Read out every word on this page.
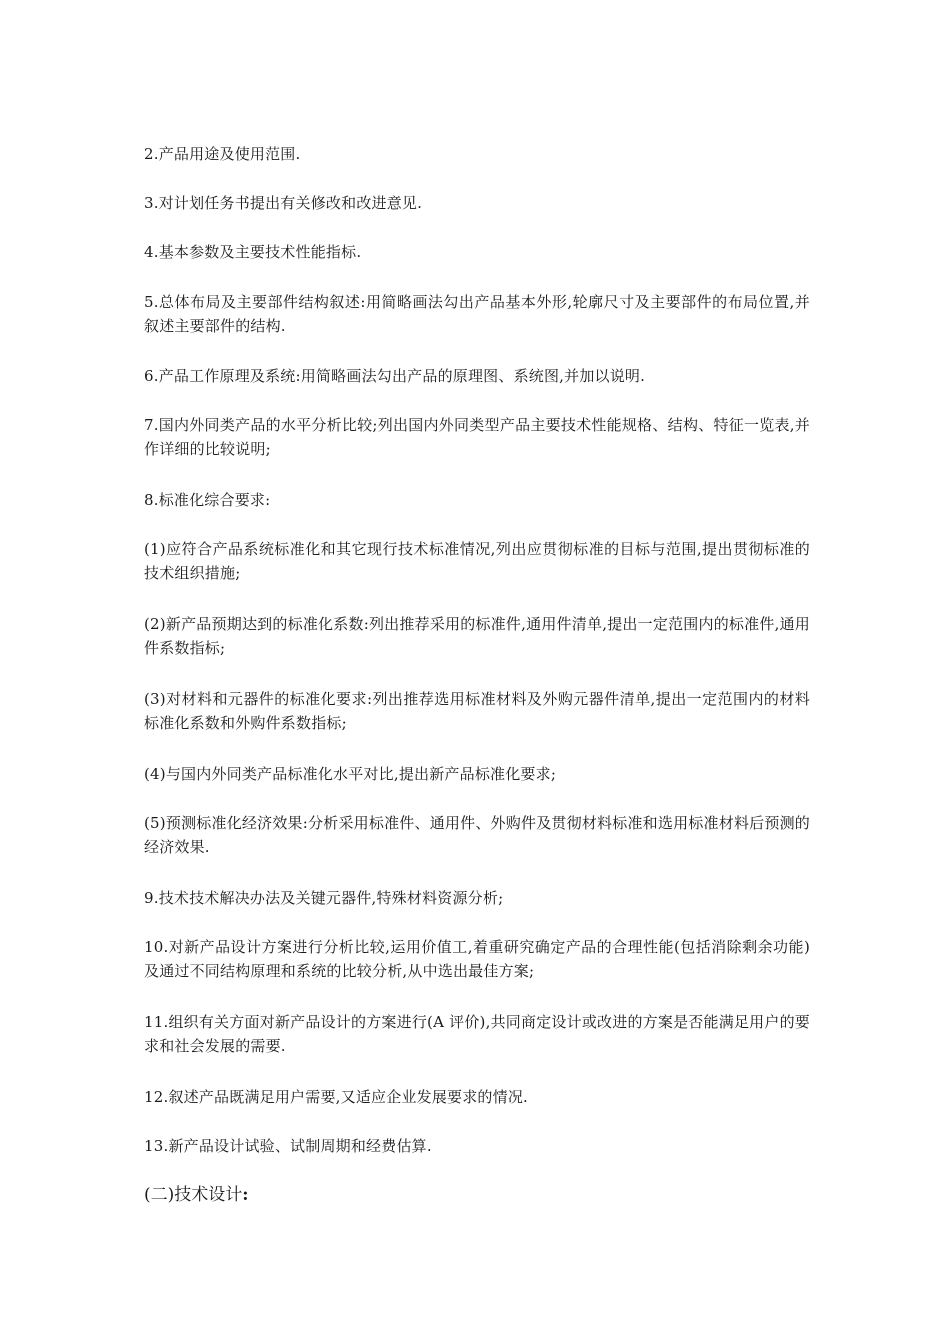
2.产品用途及使用范围.

3.对计划任务书提出有关修改和改进意见.

4.基本参数及主要技术性能指标.

5.总体布局及主要部件结构叙述:用简略画法勾出产品基本外形,轮廓尺寸及主要部件的布局位置,并叙述主要部件的结构.

6.产品工作原理及系统:用简略画法勾出产品的原理图、系统图,并加以说明.

7.国内外同类产品的水平分析比较;列出国内外同类型产品主要技术性能规格、结构、特征一览表,并作详细的比较说明;

8.标准化综合要求:

(1)应符合产品系统标准化和其它现行技术标准情况,列出应贯彻标准的目标与范围,提出贯彻标准的技术组织措施;

(2)新产品预期达到的标准化系数:列出推荐采用的标准件,通用件清单,提出一定范围内的标准件,通用件系数指标;

(3)对材料和元器件的标准化要求:列出推荐选用标准材料及外购元器件清单,提出一定范围内的材料标准化系数和外购件系数指标;

(4)与国内外同类产品标准化水平对比,提出新产品标准化要求;

(5)预测标准化经济效果:分析采用标准件、通用件、外购件及贯彻材料标准和选用标准材料后预测的经济效果.

9.技术技术解决办法及关键元器件,特殊材料资源分析;

10.对新产品设计方案进行分析比较,运用价值工,着重研究确定产品的合理性能(包括消除剩余功能)及通过不同结构原理和系统的比较分析,从中选出最佳方案;

11.组织有关方面对新产品设计的方案进行(A 评价),共同商定设计或改进的方案是否能满足用户的要求和社会发展的需要.

12.叙述产品既满足用户需要,又适应企业发展要求的情况.

13.新产品设计试验、试制周期和经费估算.

(二)技术设计:
